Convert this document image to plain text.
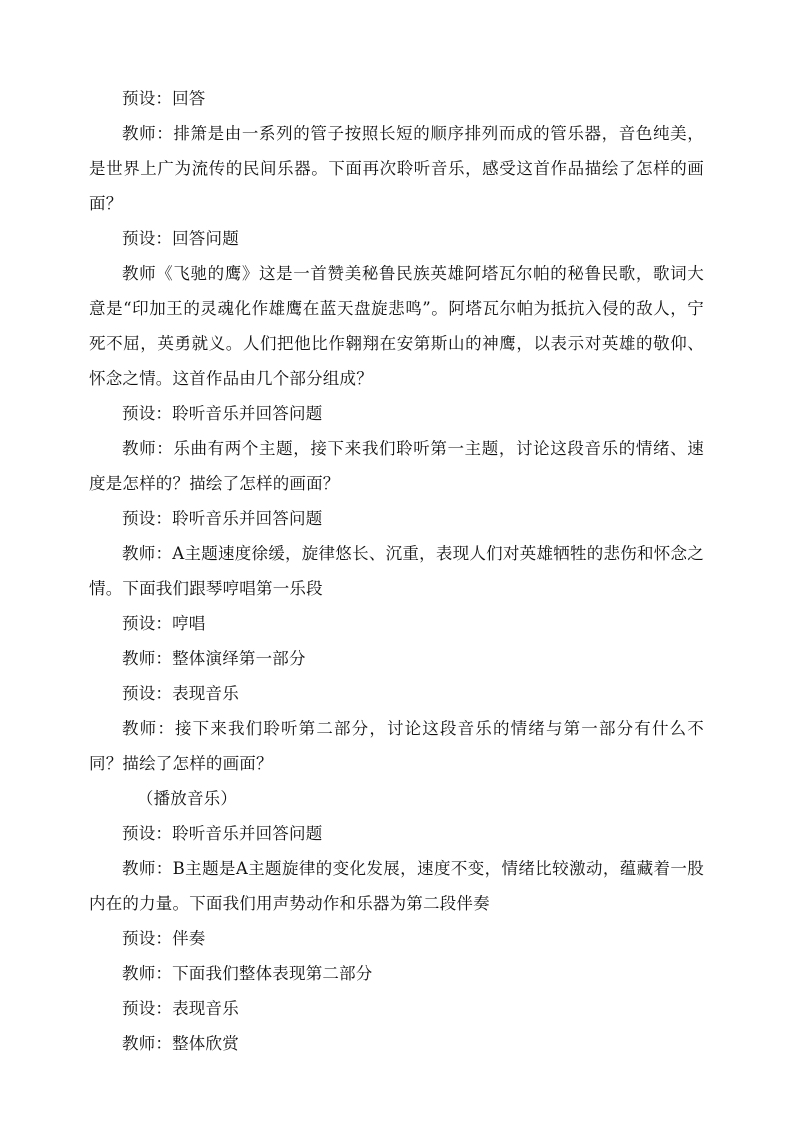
预设：回答

教师：排箫是由一系列的管子按照长短的顺序排列而成的管乐器，音色纯美，是世界上广为流传的民间乐器。下面再次聆听音乐，感受这首作品描绘了怎样的画面？

预设：回答问题

教师《飞驰的鹰》这是一首赞美秘鲁民族英雄阿塔瓦尔帕的秘鲁民歌，歌词大意是“印加王的灵魂化作雄鹰在蓝天盘旋悲鸣”。阿塔瓦尔帕为抵抗入侵的敌人，宁死不屈，英勇就义。人们把他比作翱翔在安第斯山的神鹰，以表示对英雄的敬仰、怀念之情。这首作品由几个部分组成？

预设：聆听音乐并回答问题

教师：乐曲有两个主题，接下来我们聆听第一主题，讨论这段音乐的情绪、速度是怎样的？描绘了怎样的画面？

预设：聆听音乐并回答问题

教师：A主题速度徐缓，旋律悠长、沉重，表现人们对英雄牺牲的悲伤和怀念之情。下面我们跟琴哼唱第一乐段

预设：哼唱

教师：整体演绎第一部分

预设：表现音乐

教师：接下来我们聆听第二部分，讨论这段音乐的情绪与第一部分有什么不同？描绘了怎样的画面？

（播放音乐）

预设：聆听音乐并回答问题

教师：B主题是A主题旋律的变化发展，速度不变，情绪比较激动，蕴藏着一股内在的力量。下面我们用声势动作和乐器为第二段伴奏

预设：伴奏

教师：下面我们整体表现第二部分

预设：表现音乐

教师：整体欣赏
